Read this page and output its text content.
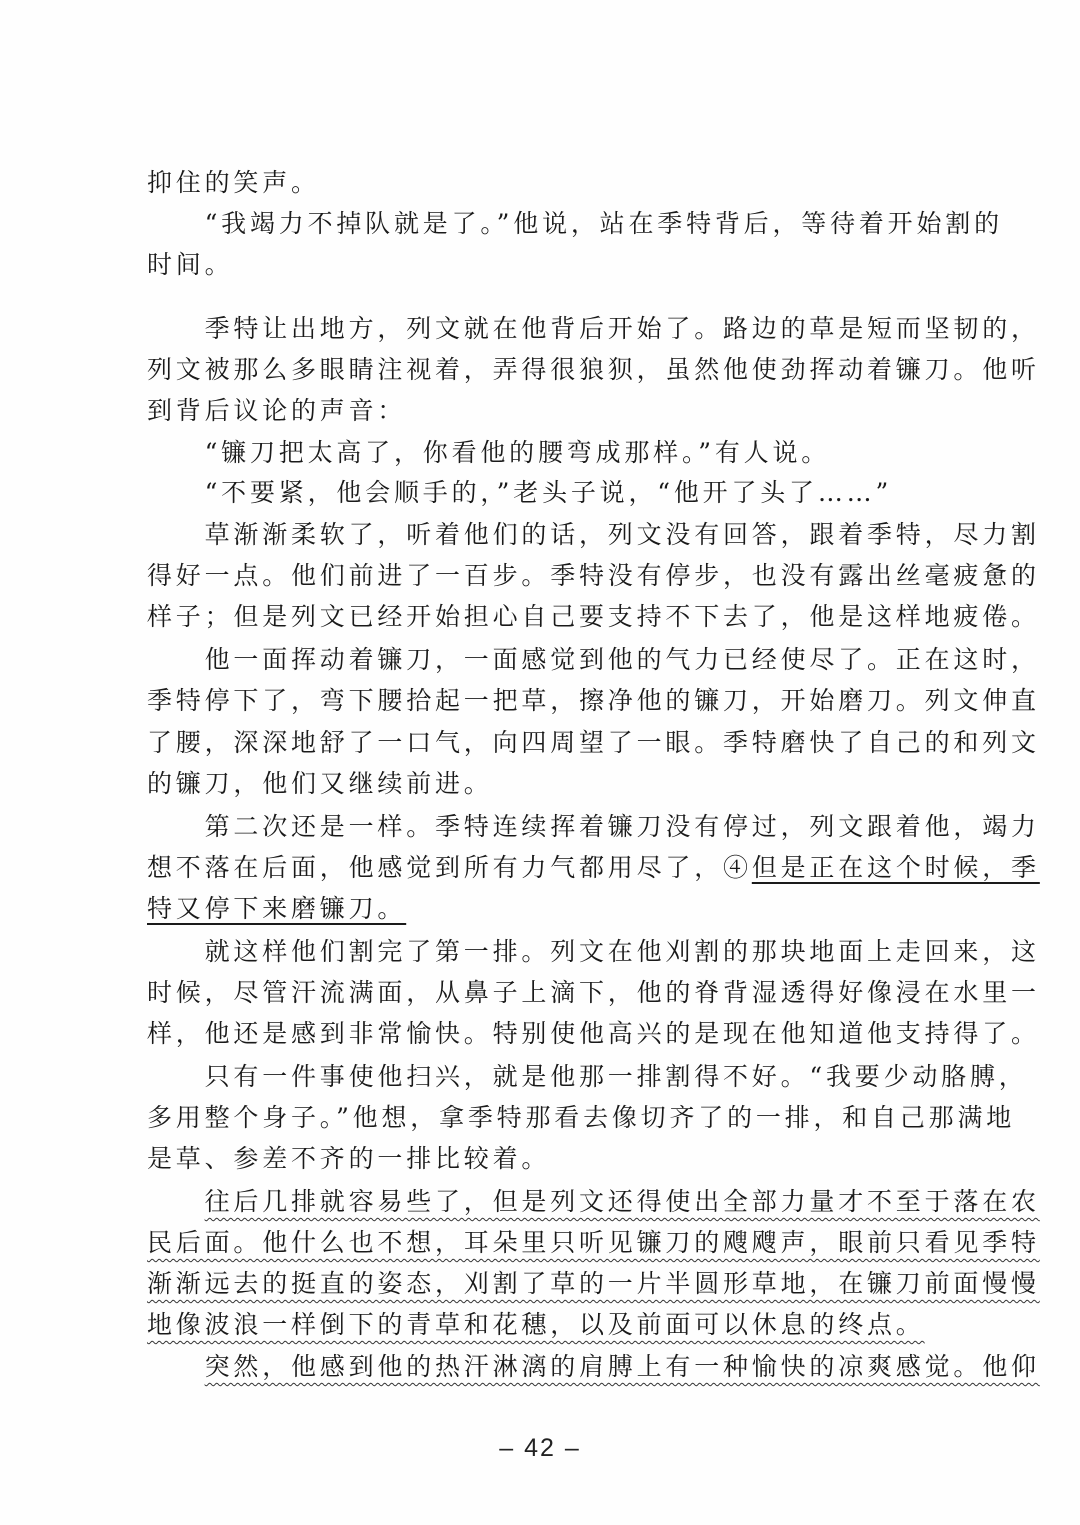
抑住的笑声。
　　“我竭力不掉队就是了。”他说，站在季特背后，等待着开始割的
时间。
　　季特让出地方，列文就在他背后开始了。路边的草是短而坚韧的，
列文被那么多眼睛注视着，弄得很狼狈，虽然他使劲挥动着镰刀。他听
到背后议论的声音：
　　“镰刀把太高了，你看他的腰弯成那样。”有人说。
　　“不要紧，他会顺手的，”老头子说，“他开了头了……”
　　草渐渐柔软了，听着他们的话，列文没有回答，跟着季特，尽力割
得好一点。他们前进了一百步。季特没有停步，也没有露出丝毫疲惫的
样子；但是列文已经开始担心自己要支持不下去了，他是这样地疲倦。
　　他一面挥动着镰刀，一面感觉到他的气力已经使尽了。正在这时，
季特停下了，弯下腰拾起一把草，擦净他的镰刀，开始磨刀。列文伸直
了腰，深深地舒了一口气，向四周望了一眼。季特磨快了自己的和列文
的镰刀，他们又继续前进。
　　第二次还是一样。季特连续挥着镰刀没有停过，列文跟着他，竭力
想不落在后面，他感觉到所有力气都用尽了，④但是正在这个时候，季
特又停下来磨镰刀。
　　就这样他们割完了第一排。列文在他刈割的那块地面上走回来，这
时候，尽管汗流满面，从鼻子上滴下，他的脊背湿透得好像浸在水里一
样，他还是感到非常愉快。特别使他高兴的是现在他知道他支持得了。
　　只有一件事使他扫兴，就是他那一排割得不好。“我要少动胳膊，
多用整个身子。”他想，拿季特那看去像切齐了的一排，和自己那满地
是草、参差不齐的一排比较着。
　　往后几排就容易些了，但是列文还得使出全部力量才不至于落在农
民后面。他什么也不想，耳朵里只听见镰刀的飕飕声，眼前只看见季特
渐渐远去的挺直的姿态，刈割了草的一片半圆形草地，在镰刀前面慢慢
地像波浪一样倒下的青草和花穗，以及前面可以休息的终点。
　　突然，他感到他的热汗淋漓的肩膊上有一种愉快的凉爽感觉。他仰
– 42 –
